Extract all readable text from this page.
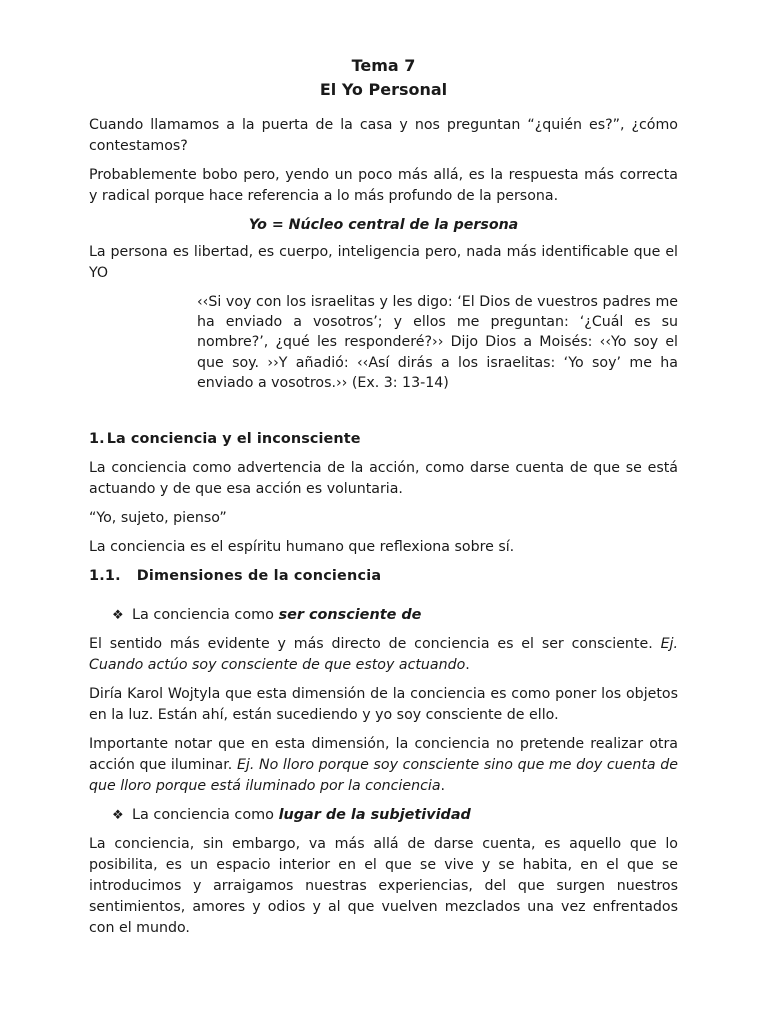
Tema 7
El Yo Personal

Cuando llamamos a la puerta de la casa y nos preguntan “¿quién es?”, ¿cómo contestamos?

Probablemente bobo pero, yendo un poco más allá, es la respuesta más correcta y radical porque hace referencia a lo más profundo de la persona.

Yo = Núcleo central de la persona

La persona es libertad, es cuerpo, inteligencia pero, nada más identificable que el YO

‹‹Si voy con los israelitas y les digo: ‘El Dios de vuestros padres me ha enviado a vosotros’; y ellos me preguntan: ‘¿Cuál es su nombre?’, ¿qué les responderé?›› Dijo Dios a Moisés: ‹‹Yo soy el que soy. ››Y añadió: ‹‹Así dirás a los israelitas: ‘Yo soy’ me ha enviado a vosotros.›› (Ex. 3: 13-14)

1. La conciencia y el inconsciente

La conciencia como advertencia de la acción, como darse cuenta de que se está actuando y de que esa acción es voluntaria.

“Yo, sujeto, pienso”

La conciencia es el espíritu humano que reflexiona sobre sí.

1.1. Dimensiones de la conciencia
❖ La conciencia como ser consciente de

El sentido más evidente y más directo de conciencia es el ser consciente. Ej. Cuando actúo soy consciente de que estoy actuando.

Diría Karol Wojtyla que esta dimensión de la conciencia es como poner los objetos en la luz. Están ahí, están sucediendo y yo soy consciente de ello.

Importante notar que en esta dimensión, la conciencia no pretende realizar otra acción que iluminar. Ej. No lloro porque soy consciente sino que me doy cuenta de que lloro porque está iluminado por la conciencia.

❖ La conciencia como lugar de la subjetividad

La conciencia, sin embargo, va más allá de darse cuenta, es aquello que lo posibilita, es un espacio interior en el que se vive y se habita, en el que se introducimos y arraigamos nuestras experiencias, del que surgen nuestros sentimientos, amores y odios y al que vuelven mezclados una vez enfrentados con el mundo.
